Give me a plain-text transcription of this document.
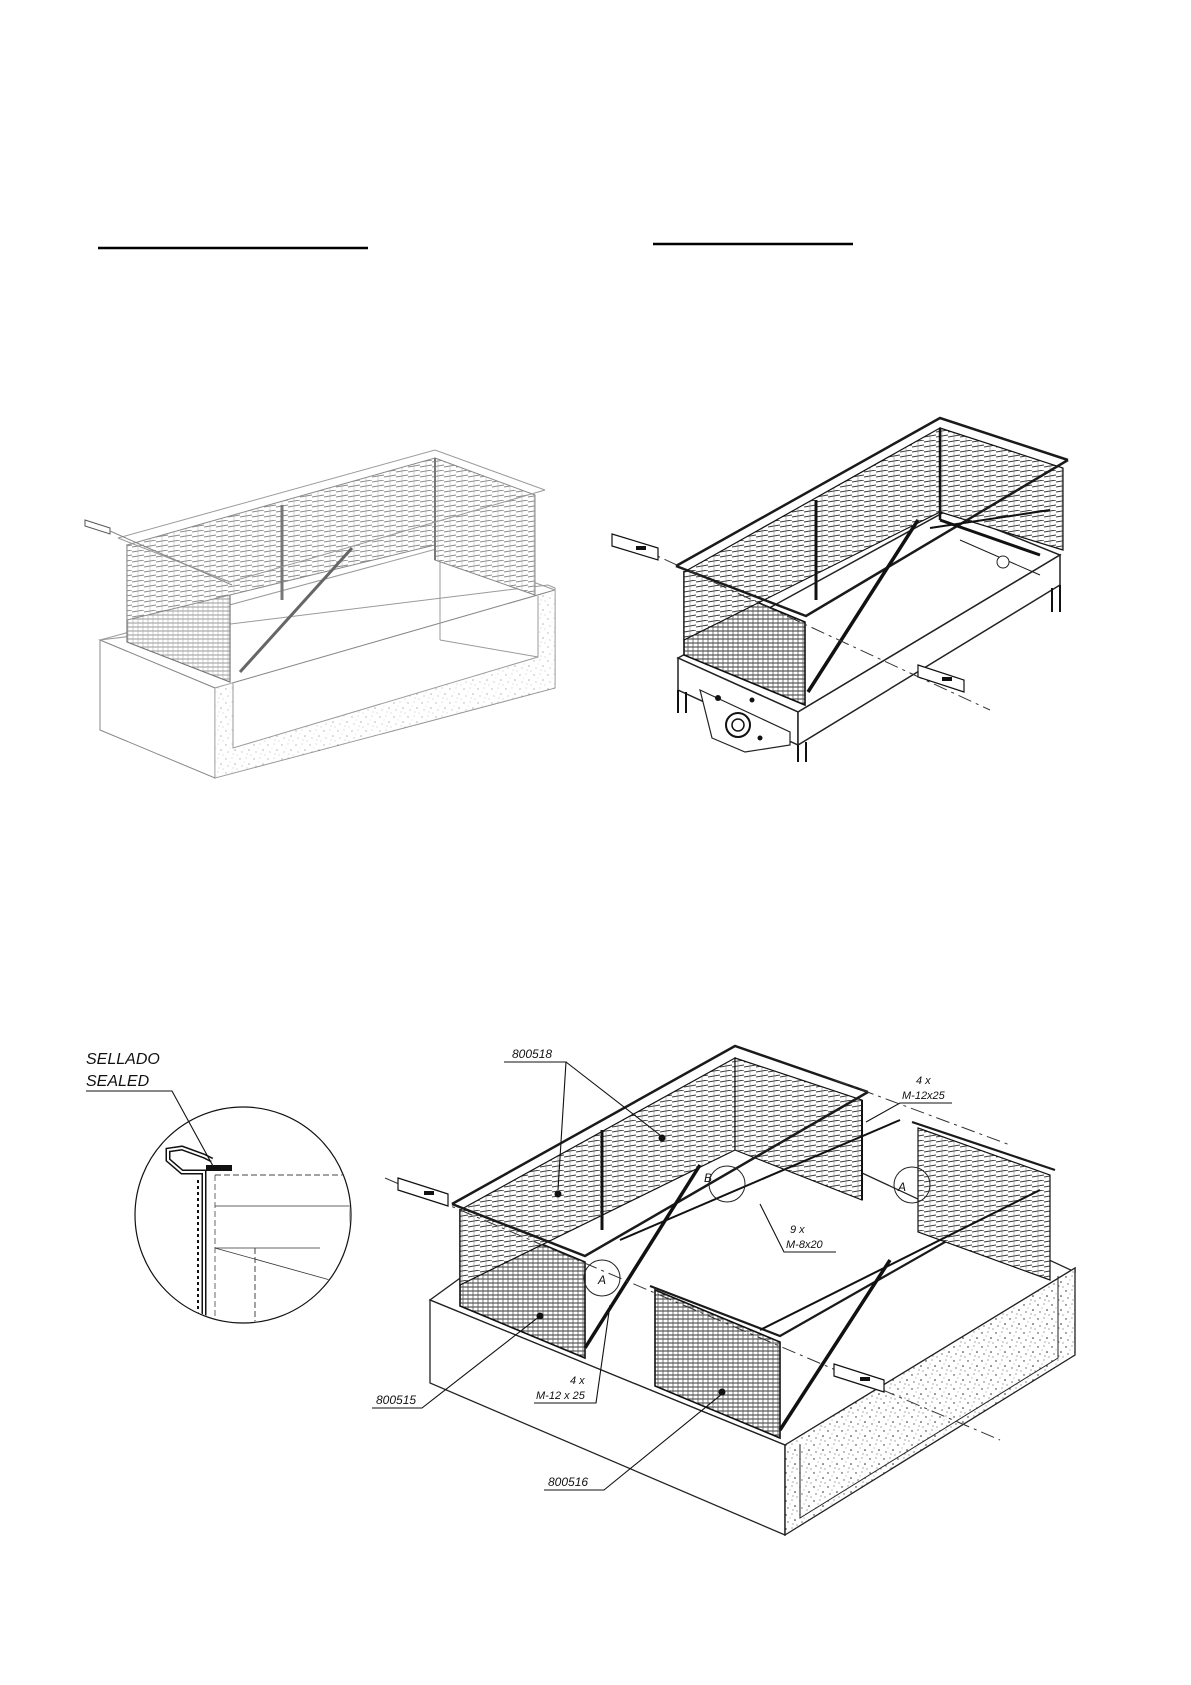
SELLADO
SEALED
A
A
B
800518
4 x
M-12x25
9 x
M-8x20
800515
4 x
M-12 x 25
800516
